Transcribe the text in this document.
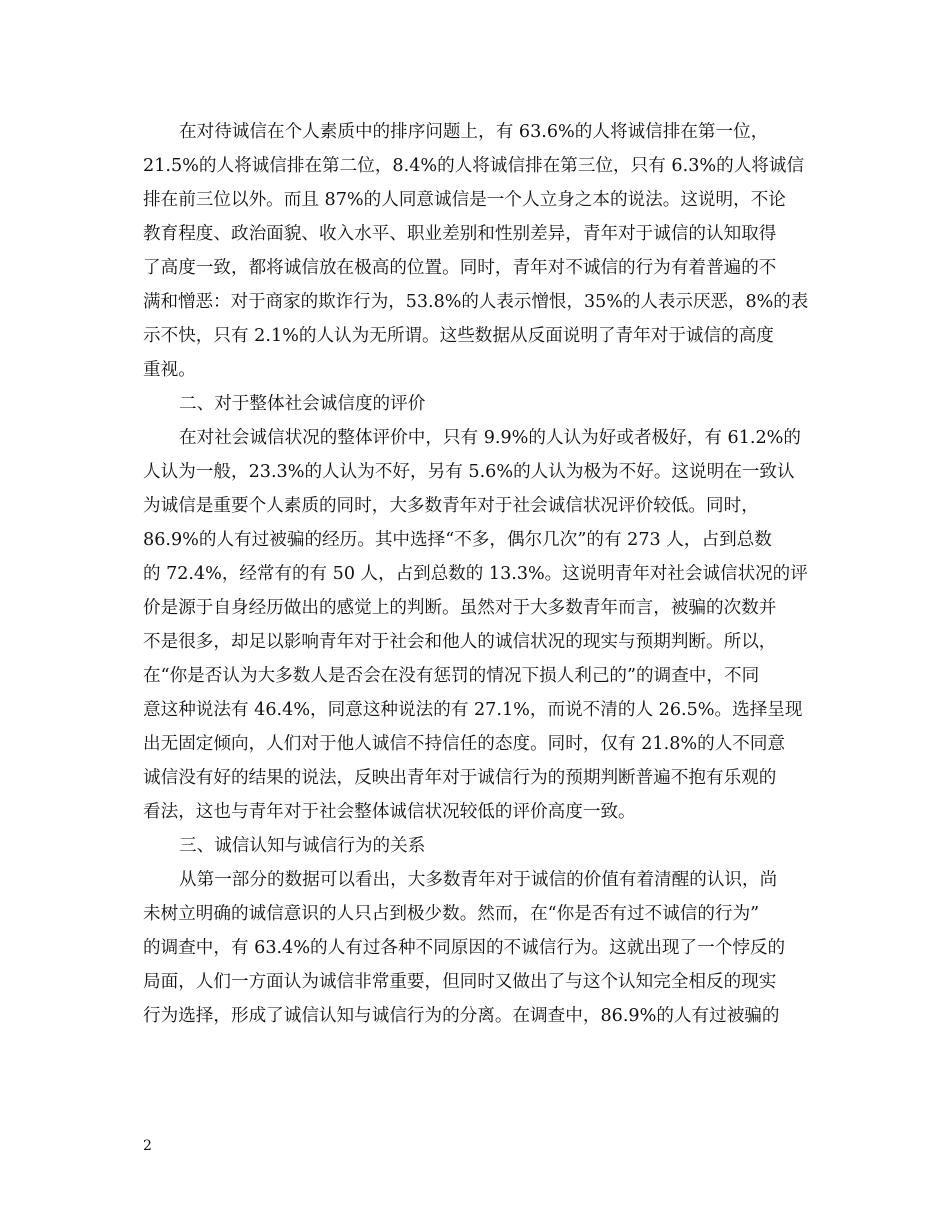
在对待诚信在个人素质中的排序问题上，有 63.6%的人将诚信排在第一位，
21.5%的人将诚信排在第二位，8.4%的人将诚信排在第三位，只有 6.3%的人将诚信
排在前三位以外。而且 87%的人同意诚信是一个人立身之本的说法。这说明，不论
教育程度、政治面貌、收入水平、职业差别和性别差异，青年对于诚信的认知取得
了高度一致，都将诚信放在极高的位置。同时，青年对不诚信的行为有着普遍的不
满和憎恶：对于商家的欺诈行为，53.8%的人表示憎恨，35%的人表示厌恶，8%的表
示不快，只有 2.1%的人认为无所谓。这些数据从反面说明了青年对于诚信的高度
重视。
二、对于整体社会诚信度的评价
在对社会诚信状况的整体评价中，只有 9.9%的人认为好或者极好，有 61.2%的
人认为一般，23.3%的人认为不好，另有 5.6%的人认为极为不好。这说明在一致认
为诚信是重要个人素质的同时，大多数青年对于社会诚信状况评价较低。同时，
86.9%的人有过被骗的经历。其中选择“不多，偶尔几次”的有 273 人，占到总数
的 72.4%，经常有的有 50 人，占到总数的 13.3%。这说明青年对社会诚信状况的评
价是源于自身经历做出的感觉上的判断。虽然对于大多数青年而言，被骗的次数并
不是很多，却足以影响青年对于社会和他人的诚信状况的现实与预期判断。所以，
在“你是否认为大多数人是否会在没有惩罚的情况下损人利己的”的调查中，不同
意这种说法有 46.4%，同意这种说法的有 27.1%，而说不清的人 26.5%。选择呈现
出无固定倾向，人们对于他人诚信不持信任的态度。同时，仅有 21.8%的人不同意
诚信没有好的结果的说法，反映出青年对于诚信行为的预期判断普遍不抱有乐观的
看法，这也与青年对于社会整体诚信状况较低的评价高度一致。
三、诚信认知与诚信行为的关系
从第一部分的数据可以看出，大多数青年对于诚信的价值有着清醒的认识，尚
未树立明确的诚信意识的人只占到极少数。然而，在“你是否有过不诚信的行为”
的调查中，有 63.4%的人有过各种不同原因的不诚信行为。这就出现了一个悖反的
局面，人们一方面认为诚信非常重要，但同时又做出了与这个认知完全相反的现实
行为选择，形成了诚信认知与诚信行为的分离。在调查中，86.9%的人有过被骗的
2
